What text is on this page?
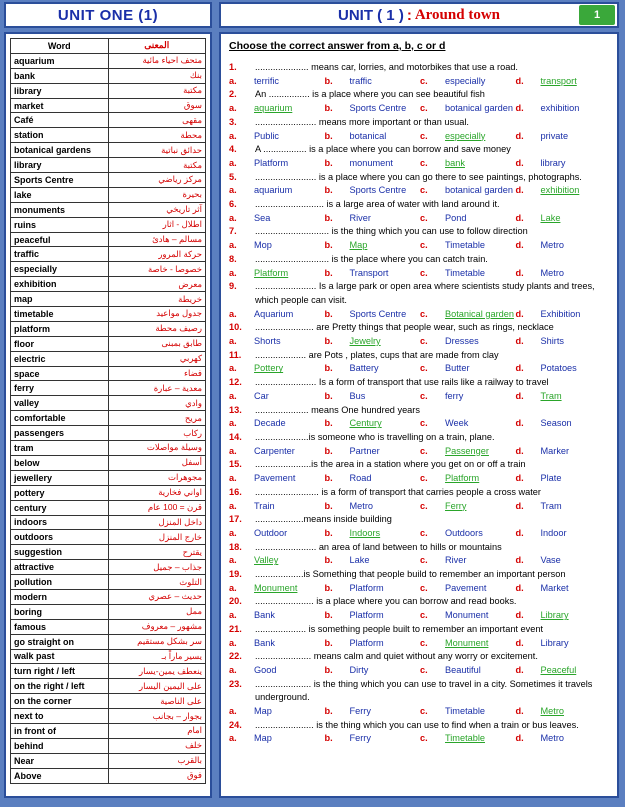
UNIT ONE (1)	UNIT ( 1 ) : Around town	1
Word	المعنى
aquarium	متحف احياء مائية
bank	بنك
library	مكتبة
market	سوق
Café	مقهى
station	محطة
botanical gardens	حدائق نباتية
library	مكتبة
Sports Centre	مركز رياضي
lake	بحيرة
monuments	آثر تاريخي
ruins	اطلال - اثار
peaceful	مسالم – هادئ
traffic	حركة المرور
especially	خصوصا - خاصة
exhibition	معرض
map	خريطة
timetable	جدول مواعيد
platform	رصيف محطة
floor	طابق بمبنى
electric	كهربي
space	فضاء
ferry	معدية – عبارة
valley	وادي
comfortable	مريح
passengers	ركاب
tram	وسيلة مواصلات
below	أسفل
jewellery	مجوهرات
pottery	اواني فخارية
century	قرن = 100 عام
indoors	داخل المنزل
outdoors	خارج المنزل
suggestion	يقترح
attractive	جذاب – جميل
pollution	التلوث
modern	حديث – عصري
boring	ممل
famous	مشهور – معروف
go straight on	سر بشكل مستقيم
walk past	يسير ماراً بـ
turn right / left	ينعطف يمين-يسار
on the right / left	على اليمين اليسار
on the corner	على الناصية
next to	بجوار – بجانب
in front of	امام
behind	خلف
Near	بالقرب
Above	فوق
Choose the correct answer from a, b, c or d
1.	..................... means car, lorries, and motorbikes that use a road.
a.	terrific	b.	traffic	c.	especially	d.	transport
2.	An ................ is a place where you can see beautiful fish
a.	aquarium	b.	Sports Centre c.	botanical garden d.	exhibition
3.	........................ means more important or than usual.
a.	Public	b.	botanical	c.	especially	d.	private
4.	A ................. is a place where you can borrow and save money
a.	Platform	b.	monument	c.	bank	d.	library
5.	........................ is a place where you can go there to see paintings, photographs.
a.	aquarium	b.	Sports Centre c.	botanical garden d.	exhibition
6.	........................... is a large area of water with land around it.
a.	Sea	b.	River	c.	Pond	d.	Lake
7.	............................. is the thing which you can use to follow direction
a.	Mop	b.	Map	c.	Timetable	d.	Metro
8.	............................. is the place where you can catch train.
a.	Platform	b.	Transport	c.	Timetable	d.	Metro
9.	........................ Is a large park or open area where scientists study plants and trees, which people can visit.
a.	Aquarium	b.	Sports Centre c.	Botanical garden d.	Exhibition
10.	....................... are Pretty things that people wear, such as rings, necklace
a.	Shorts	b.	Jewelry	c.	Dresses	d.	Shirts
11.	.................... are Pots , plates, cups that are made from clay
a.	Pottery	b.	Battery	c.	Butter	d.	Potatoes
12.	........................ Is a form of transport that use rails like a railway to travel
a.	Car	b.	Bus	c.	ferry	d.	Tram
13.	..................... means One hundred years
a.	Decade	b.	Century	c.	Week	d.	Season
14.	.....................is someone who is travelling on a train, plane.
a.	Carpenter	b.	Partner	c.	Passenger	d.	Marker
15.	......................is the area in a station where you get on or off a train
a.	Pavement	b.	Road	c.	Platform	d.	Plate
16.	......................... is a form of transport that carries people a cross water
a.	Train	b.	Metro	c.	Ferry	d.	Tram
17.	...................means inside building
a.	Outdoor	b.	Indoors	c.	Outdoors	d.	Indoor
18.	........................ an area of land between to hills or mountains
a.	Valley	b.	Lake	c.	River	d.	Vase
19.	...................is Something that people build to remember an important person
a.	Monument	b.	Platform	c.	Pavement	d.	Market
20.	....................... is a place where you can borrow and read books.
a.	Bank	b.	Platform	c.	Monument	d.	Library
21.	.................... is something people built to remember an important event
a.	Bank	b.	Platform	c.	Monument	d.	Library
22.	...................... means calm and quiet without any worry or excitement.
a.	Good	b.	Dirty	c.	Beautiful	d.	Peaceful
23.	...................... is the thing which you can use to travel in a city. Sometimes it travels underground.
a.	Map	b.	Ferry	c.	Timetable	d.	Metro
24.	....................... is the thing which you can use to find when a train or bus leaves.
a.	Map	b.	Ferry	c.	Timetable	d.	Metro
